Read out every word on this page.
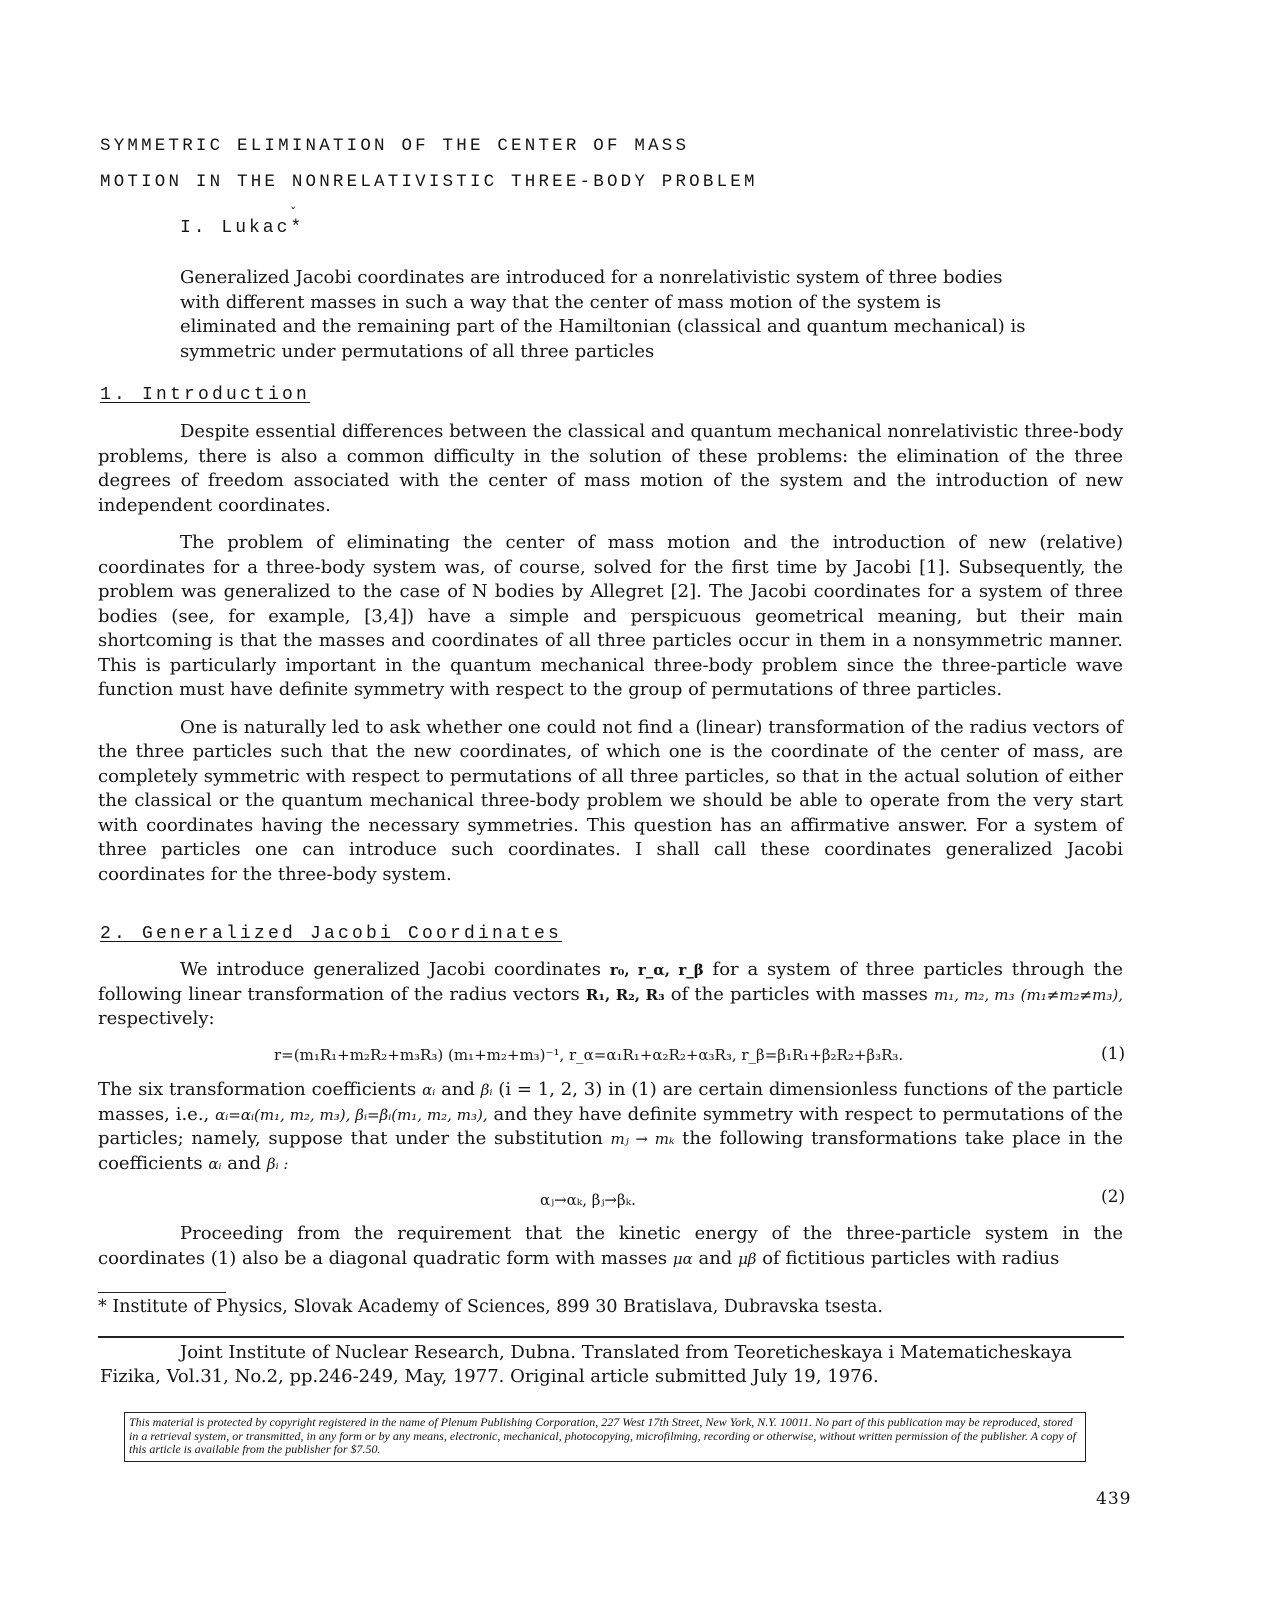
SYMMETRIC ELIMINATION OF THE CENTER OF MASS
MOTION IN THE NONRELATIVISTIC THREE-BODY PROBLEM
ˇ
I. Lukac*
Generalized Jacobi coordinates are introduced for a nonrelativistic system of three bodies with different masses in such a way that the center of mass motion of the system is eliminated and the remaining part of the Hamiltonian (classical and quantum mechanical) is symmetric under permutations of all three particles
1. Introduction

Despite essential differences between the classical and quantum mechanical nonrelativistic three-body problems, there is also a common difficulty in the solution of these problems: the elimination of the three degrees of freedom associated with the center of mass motion of the system and the introduction of new independent coordinates.

The problem of eliminating the center of mass motion and the introduction of new (relative) coordinates for a three-body system was, of course, solved for the first time by Jacobi [1]. Subsequently, the problem was generalized to the case of N bodies by Allegret [2]. The Jacobi coordinates for a system of three bodies (see, for example, [3,4]) have a simple and perspicuous geometrical meaning, but their main shortcoming is that the masses and coordinates of all three particles occur in them in a nonsymmetric manner. This is particularly important in the quantum mechanical three-body problem since the three-particle wave function must have definite symmetry with respect to the group of permutations of three particles.

One is naturally led to ask whether one could not find a (linear) transformation of the radius vectors of the three particles such that the new coordinates, of which one is the coordinate of the center of mass, are completely symmetric with respect to permutations of all three particles, so that in the actual solution of either the classical or the quantum mechanical three-body problem we should be able to operate from the very start with coordinates having the necessary symmetries. This question has an affirmative answer. For a system of three particles one can introduce such coordinates. I shall call these coordinates generalized Jacobi coordinates for the three-body system.

2. Generalized Jacobi Coordinates

We introduce generalized Jacobi coordinates r₀, r_α, r_β for a system of three particles through the following linear transformation of the radius vectors R₁, R₂, R₃ of the particles with masses m₁, m₂, m₃ (m₁≠m₂≠m₃), respectively:

r=(m₁R₁+m₂R₂+m₃R₃) (m₁+m₂+m₃)⁻¹, r_α=α₁R₁+α₂R₂+α₃R₃, r_β=β₁R₁+β₂R₂+β₃R₃.	(1)

The six transformation coefficients αᵢ and βᵢ (i = 1, 2, 3) in (1) are certain dimensionless functions of the particle masses, i.e., αᵢ=αᵢ(m₁, m₂, m₃), βᵢ=βᵢ(m₁, m₂, m₃), and they have definite symmetry with respect to permutations of the particles; namely, suppose that under the substitution mⱼ → mₖ the following transformations take place in the coefficients αᵢ and βᵢ :

αⱼ→αₖ, βⱼ→βₖ.	(2)

Proceeding from the requirement that the kinetic energy of the three-particle system in the coordinates (1) also be a diagonal quadratic form with masses μα and μβ of fictitious particles with radius

* Institute of Physics, Slovak Academy of Sciences, 899 30 Bratislava, Dubravska tsesta.
Joint Institute of Nuclear Research, Dubna. Translated from Teoreticheskaya i Matematicheskaya Fizika, Vol.31, No.2, pp.246-249, May, 1977. Original article submitted July 19, 1976.
This material is protected by copyright registered in the name of Plenum Publishing Corporation, 227 West 17th Street, New York, N.Y. 10011. No part of this publication may be reproduced, stored in a retrieval system, or transmitted, in any form or by any means, electronic, mechanical, photocopying, microfilming, recording or otherwise, without written permission of the publisher. A copy of this article is available from the publisher for $7.50.
439
